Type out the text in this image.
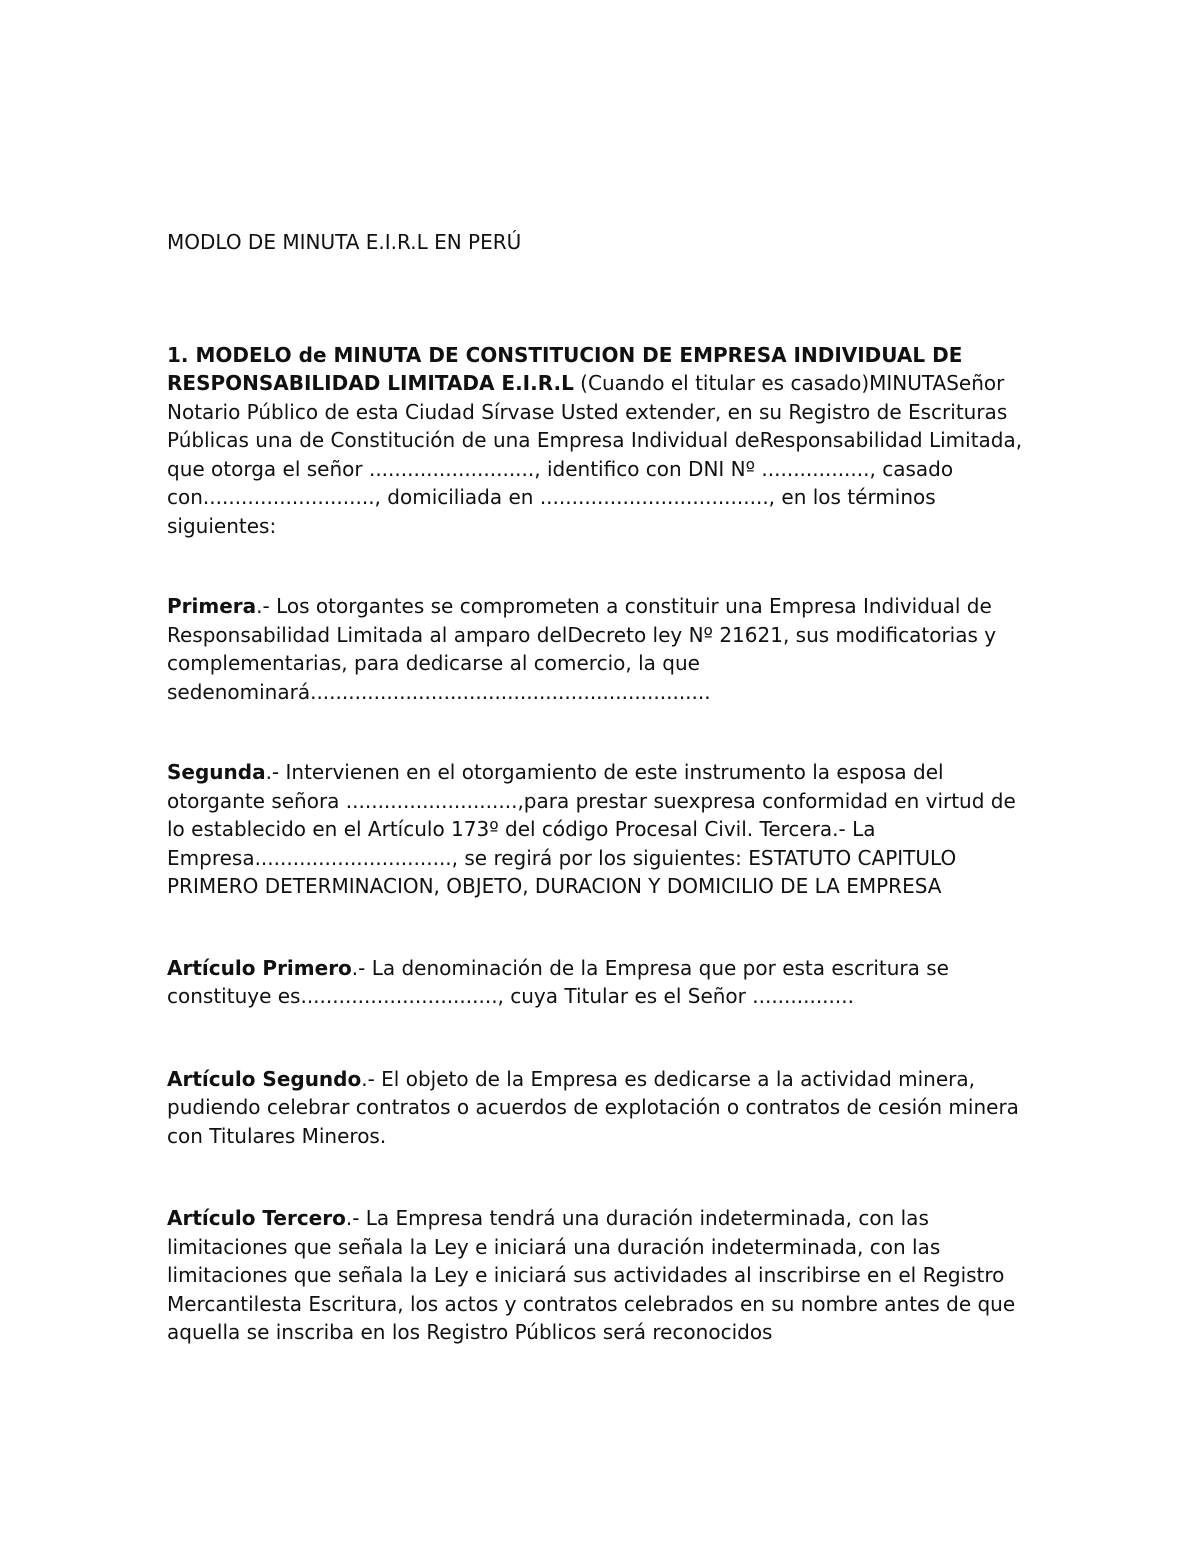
MODLO DE MINUTA E.I.R.L EN PERÚ

1. MODELO de MINUTA DE CONSTITUCION DE EMPRESA INDIVIDUAL DE RESPONSABILIDAD LIMITADA E.I.R.L (Cuando el titular es casado)MINUTASeñor Notario Público de esta Ciudad Sírvase Usted extender, en su Registro de Escrituras Públicas una de Constitución de una Empresa Individual deResponsabilidad Limitada, que otorga el señor .........................., identifico con DNI Nº ................., casado con..........................., domiciliada en ...................................., en los términos siguientes:

Primera.- Los otorgantes se comprometen a constituir una Empresa Individual de Responsabilidad Limitada al amparo delDecreto ley Nº 21621, sus modificatorias y complementarias, para dedicarse al comercio, la que sedenominará...............................................................

Segunda.- Intervienen en el otorgamiento de este instrumento la esposa del otorgante señora ...........................,para prestar suexpresa conformidad en virtud de lo establecido en el Artículo 173º del código Procesal Civil. Tercera.- La Empresa..............................., se regirá por los siguientes: ESTATUTO CAPITULO PRIMERO DETERMINACION, OBJETO, DURACION Y DOMICILIO DE LA EMPRESA

Artículo Primero.- La denominación de la Empresa que por esta escritura se constituye es..............................., cuya Titular es el Señor ................

Artículo Segundo.- El objeto de la Empresa es dedicarse a la actividad minera, pudiendo celebrar contratos o acuerdos de explotación o contratos de cesión minera con Titulares Mineros.

Artículo Tercero.- La Empresa tendrá una duración indeterminada, con las limitaciones que señala la Ley e iniciará una duración indeterminada, con las limitaciones que señala la Ley e iniciará sus actividades al inscribirse en el Registro Mercantilesta Escritura, los actos y contratos celebrados en su nombre antes de que aquella se inscriba en los Registro Públicos será reconocidos
